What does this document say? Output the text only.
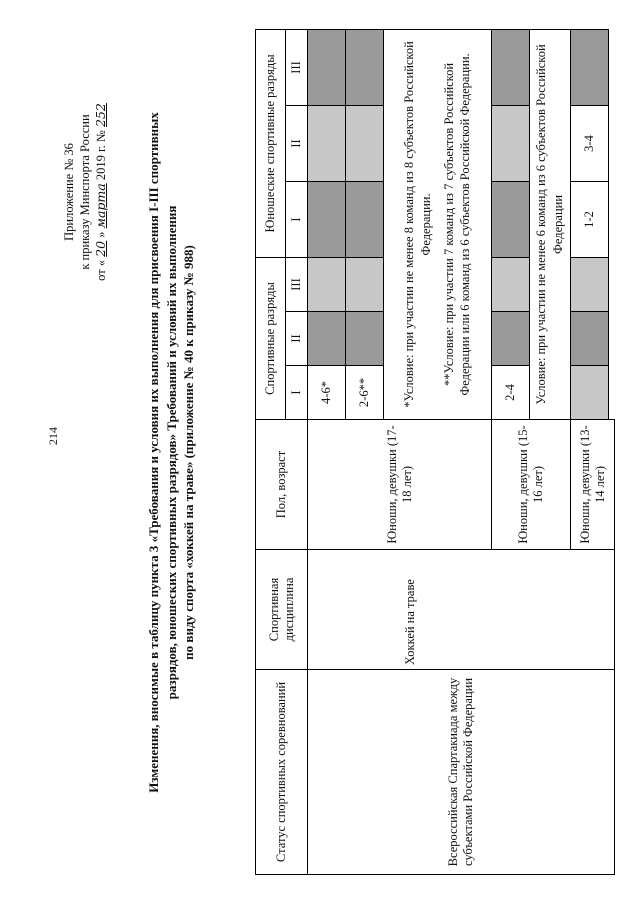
214
Приложение № 36 к приказу Минспорта России
от « 20 » марта 2019 г. № 252	Изменения, вносимые в таблицу пункта 3 «Требования и условия их выполнения для присвоения I-III спортивных разрядов, юношеских спортивных разрядов» Требований и условий их выполнения по виду спорта «хоккей на траве» (приложение № 40 к приказу № 988)
Статус спортивных соревнований	Спортивная дисциплина	Пол, возраст	Спортивные разряды			Юношеские спортивные разряды		
			I	II	III	I	II	III
Всероссийская Спартакиада между субъектами Российской Федерации	Хоккей на траве	Юноши, девушки (17-18 лет)	4-6*					
			2-6**					

			*Условие: при участии не менее 8 команд из 8 субъектов Российской Федерации. **Условие: при участии 7 команд из 7 субъектов Российской Федерации или 6 команд из 6 субъектов Российской Федерации.					

		Юноши, девушки (15-16 лет)	2-4					
			Условие: при участии не менее 6 команд из 6 субъектов Российской Федерации					
		Юноши, девушки (13-14 лет)				1-2	3-4	
